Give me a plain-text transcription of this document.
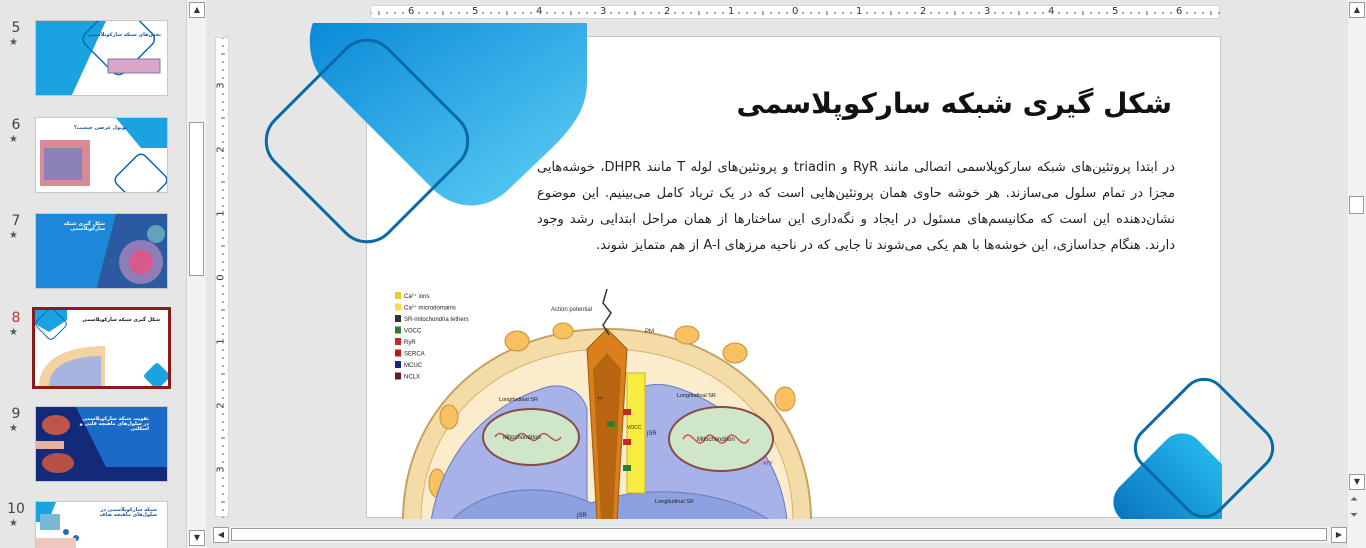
5
★
بخش‌های شبکه سارکوپلاسمی
6
★
توبول عرضی چیست؟
7
★
شکل گیری شبکه سارکوپلاسمی
8
★
شکل گیری شبکه سارکوپلاسمی
9
★
تقویت شبکه سارکوپلاسمی در سلول‌های ماهیچه قلبی و اسکلتی
10
★
شبکه سارکوپلاسمی در سلول‌های ماهیچه صاف
▲
▼
6	5	4	3	2	1	0	1	2	3	4	5	6
3
2
1
0
1
2
3
شکل گیری شبکه سارکوپلاسمی
در ابتدا پروتئین‌های شبکه سارکوپلاسمی اتصالی مانند RyR و triadin و پروتئین‌های لوله T مانند DHPR، خوشه‌هایی مجزا در تمام سلول می‌سازند. هر خوشه حاوی همان پروتئین‌هایی است که در یک ترياد کامل می‌بینیم. این موضوع نشان‌دهنده این است که مکانیسم‌های مسئول در ایجاد و نگه‌داری این ساختارها از همان مراحل ابتدایی رشد وجود دارند. هنگام جداسازی، این خوشه‌ها با هم یکی می‌شوند تا جایی که در ناحیه مرزهای A-I از هم متمایز شوند.
Ca²⁺ ions
Ca²⁺ microdomains
SR-mitochondria tethers
VOCC
RyR
SERCA
MCUC
NCLX
Action potential
PM
Longitudinal SR
Longitudinal SR
Longitudinal SR
Mitochondrion	Mitochondrion
jSR
jSR
VOCC
ATP
TT
▲
▼
⏶
⏷
◀	▶
